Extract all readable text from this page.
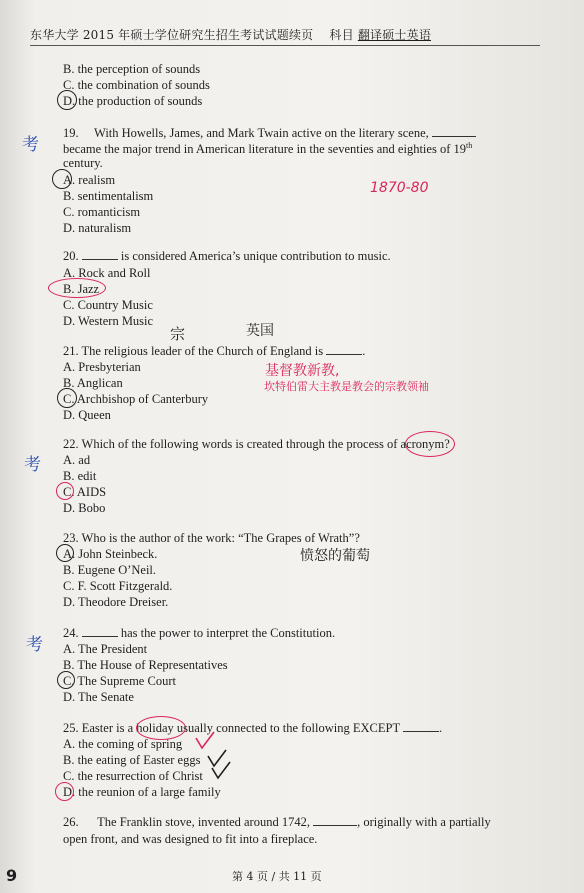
东华大学 2015 年硕士学位研究生招生考试试题续页 科目 翻译硕士英语
B. the perception of sounds
C. the combination of sounds
D. the production of sounds
考
19. With Howells, James, and Mark Twain active on the literary scene,
became the major trend in American literature in the seventies and eighties of 19th
century.
A. realism
B. sentimentalism
C. romanticism
D. naturalism
1870-80
20.	is considered America’s unique contribution to music.
A. Rock and Roll
B. Jazz
C. Country Music
D. Western Music
宗	英国
21. The religious leader of the Church of England is	.
A. Presbyterian
B. Anglican
C. Archbishop of Canterbury
D. Queen
基督教新教,
坎特伯雷大主教是教会的宗教领袖
考
22. Which of the following words is created through the process of acronym?
A. ad
B. edit
C. AIDS
D. Bobo
23. Who is the author of the work: “The Grapes of Wrath”?
A. John Steinbeck.
B. Eugene O’Neil.
C. F. Scott Fitzgerald.
D. Theodore Dreiser.
愤怒的葡萄
考
24.	has the power to interpret the Constitution.
A. The President
B. The House of Representatives
C. The Supreme Court
D. The Senate
25. Easter is a holiday usually connected to the following EXCEPT	.
A. the coming of spring
B. the eating of Easter eggs
C. the resurrection of Christ
D. the reunion of a large family
26. The Franklin stove, invented around 1742,	, originally with a partially
open front, and was designed to fit into a fireplace.
第 4 页 / 共 11 页
9
